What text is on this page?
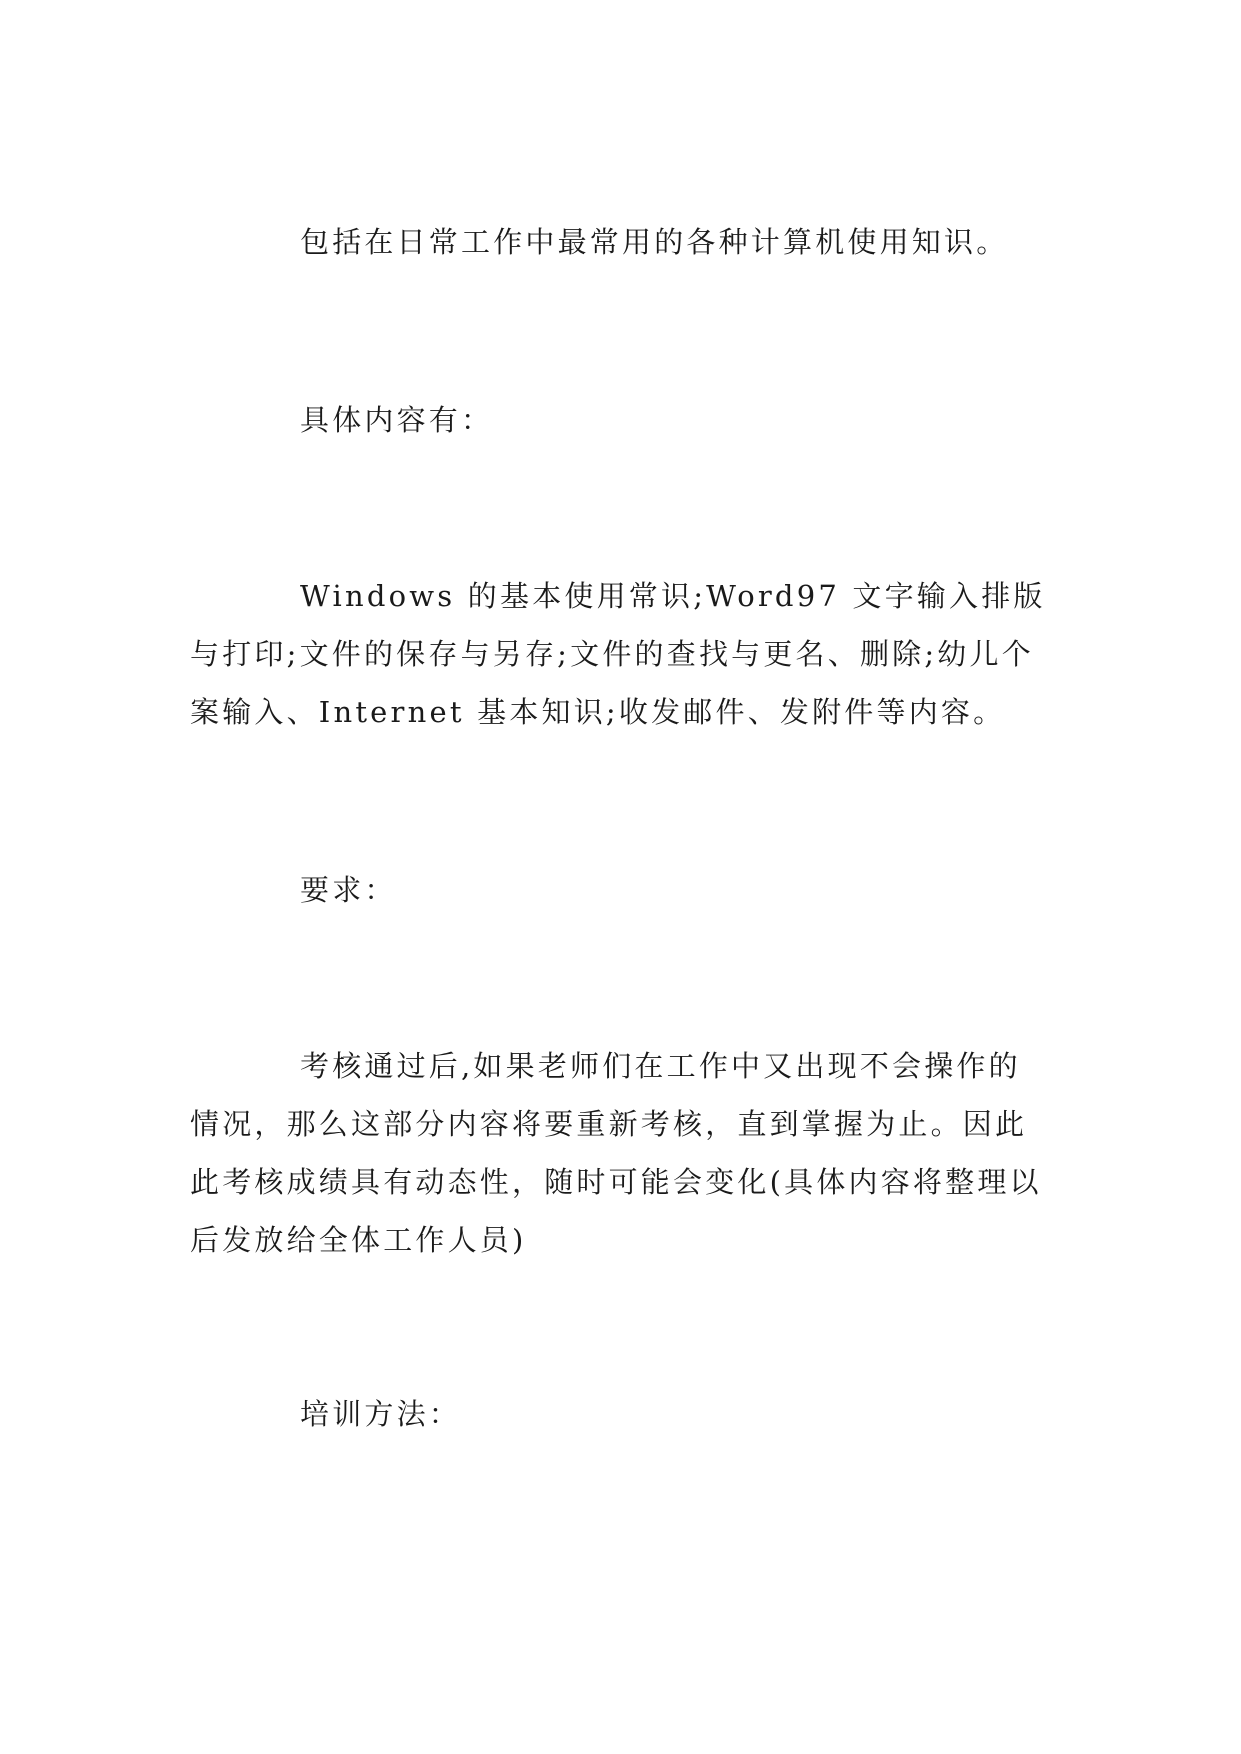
包括在日常工作中最常用的各种计算机使用知识。

具体内容有：

Windows 的基本使用常识;Word97 文字输入排版与打印;文件的保存与另存;文件的查找与更名、删除;幼儿个案输入、Internet 基本知识;收发邮件、发附件等内容。

要求：

考核通过后,如果老师们在工作中又出现不会操作的情况，那么这部分内容将要重新考核，直到掌握为止。因此此考核成绩具有动态性，随时可能会变化(具体内容将整理以后发放给全体工作人员)

培训方法：
